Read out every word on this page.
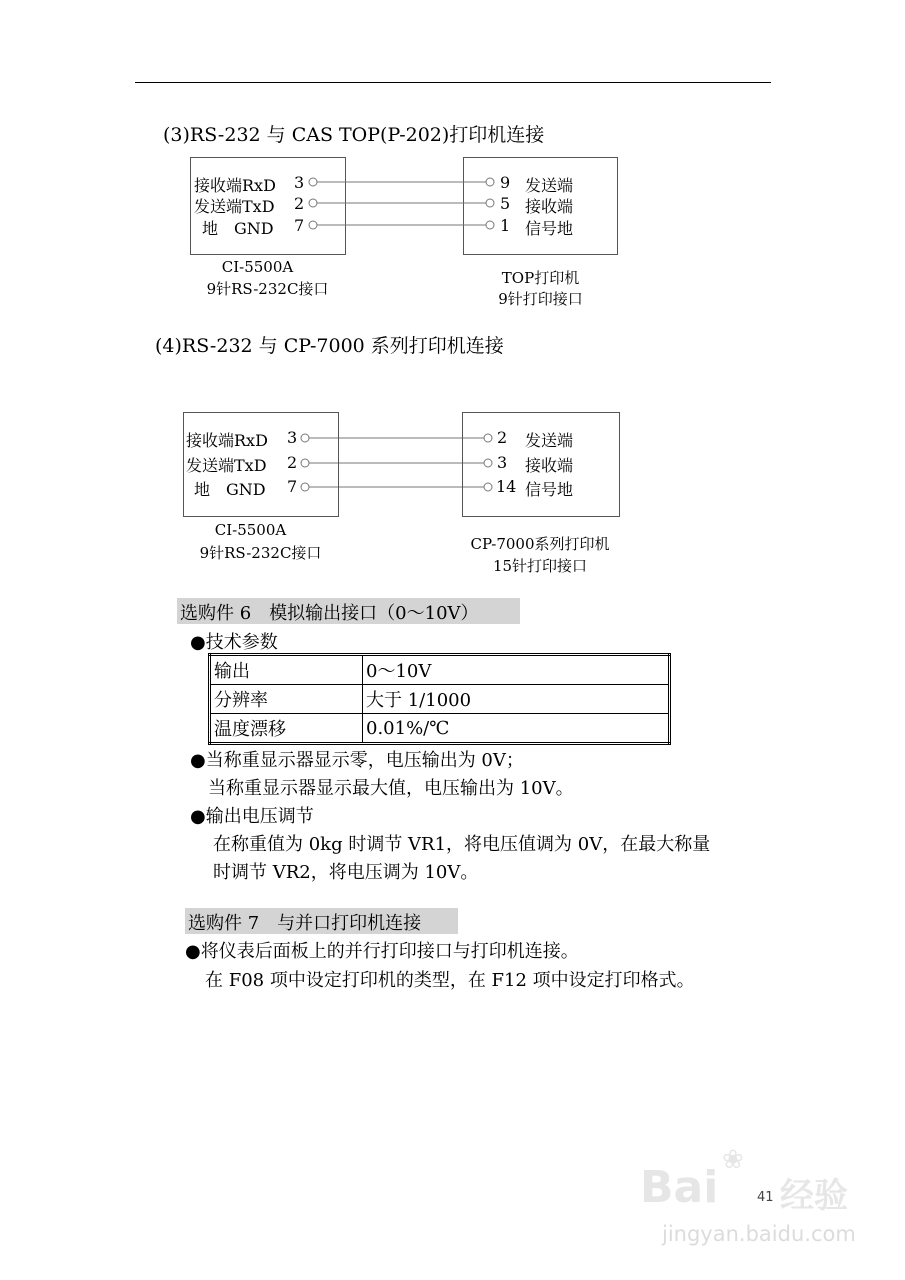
(3)RS-232 与 CAS TOP(P-202)打印机连接
接收端RxD 3
发送端TxD 2
地　GND 7
9 发送端
5 接收端
1 信号地
CI-5500A
9针RS-232C接口
TOP打印机
9针打印接口
(4)RS-232 与 CP-7000 系列打印机连接
接收端RxD 3
发送端TxD 2
地　GND 7
2 发送端
3 接收端
14 信号地
CI-5500A
9针RS-232C接口	CP-7000系列打印机
15针打印接口
选购件 6　模拟输出接口（0～10V）
●技术参数
输出	0～10V
分辨率	大于 1/1000
温度漂移	0.01%/℃
●当称重显示器显示零，电压输出为 0V；
当称重显示器显示最大值，电压输出为 10V。
●输出电压调节
在称重值为 0kg 时调节 VR1，将电压值调为 0V，在最大称量
时调节 VR2，将电压调为 10V。
选购件 7　与并口打印机连接
●将仪表后面板上的并行打印接口与打印机连接。
在 F08 项中设定打印机的类型，在 F12 项中设定打印格式。
Bai
❀
经验
41
jingyan.baidu.com
